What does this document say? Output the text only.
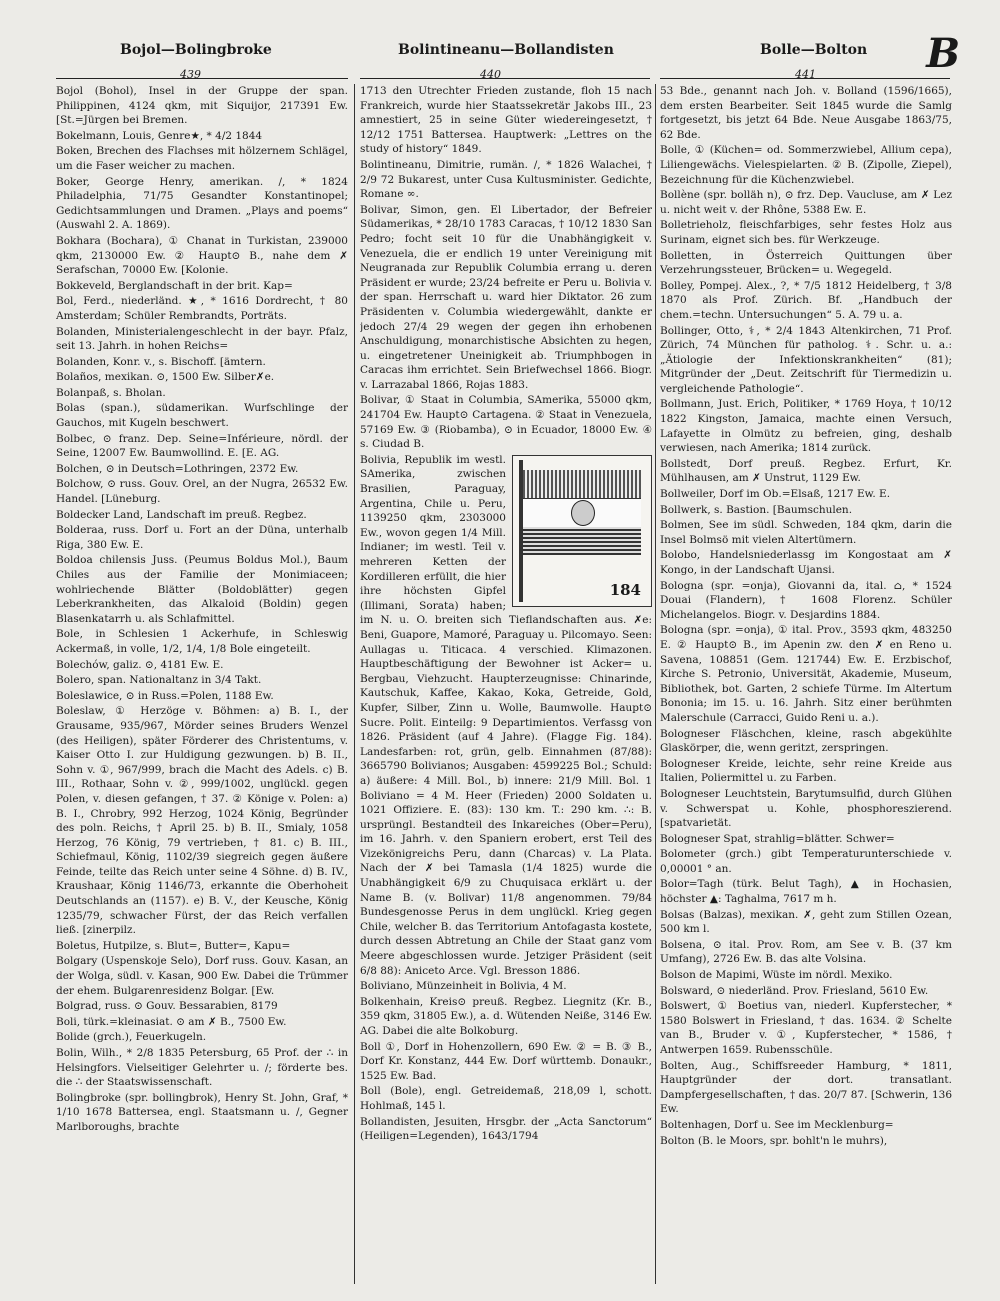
Bojol—Bolingbroke	Bolintineanu—Bollandisten	Bolle—Bolton B
439	440	441

Bojol (Bohol), Insel in der Gruppe der span. Philippinen, 4124 qkm, mit Siquijor, 217391 Ew. [St.=Jürgen bei Bremen.

Bokelmann, Louis, Genre★, * 4/2 1844

Boken, Brechen des Flachses mit hölzernem Schlägel, um die Faser weicher zu machen.

Boker, George Henry, amerikan. /, * 1824 Philadelphia, 71/75 Gesandter Konstantinopel; Gedichtsammlungen und Dramen. „Plays and poems“ (Auswahl 2. A. 1869).

Bokhara (Bochara), ① Chanat in Turkistan, 239000 qkm, 2130000 Ew. ② Haupt⊙ B., nahe dem ✗ Serafschan, 70000 Ew. [Kolonie.

Bokkeveld, Berglandschaft in der brit. Kap=

Bol, Ferd., niederländ. ★, * 1616 Dordrecht, † 80 Amsterdam; Schüler Rembrandts, Porträts.

Bolanden, Ministerialengeschlecht in der bayr. Pfalz, seit 13. Jahrh. in hohen Reichs=

Bolanden, Konr. v., s. Bischoff. [ämtern.

Bolaños, mexikan. ⊙, 1500 Ew. Silber✗e.

Bolanpaß, s. Bholan.

Bolas (span.), südamerikan. Wurfschlinge der Gauchos, mit Kugeln beschwert.

Bolbec, ⊙ franz. Dep. Seine=Inférieure, nördl. der Seine, 12007 Ew. Baumwollind. E. [E. AG.

Bolchen, ⊙ in Deutsch=Lothringen, 2372 Ew.

Bolchow, ⊙ russ. Gouv. Orel, an der Nugra, 26532 Ew. Handel. [Lüneburg.

Boldecker Land, Landschaft im preuß. Regbez.

Bolderaa, russ. Dorf u. Fort an der Düna, unterhalb Riga, 380 Ew. E.

Boldoa chilensis Juss. (Peumus Boldus Mol.), Baum Chiles aus der Familie der Monimiaceen; wohlriechende Blätter (Boldoblätter) gegen Leberkrankheiten, das Alkaloid (Boldin) gegen Blasenkatarrh u. als Schlafmittel.

Bole, in Schlesien 1 Ackerhufe, in Schleswig Ackermaß, in volle, 1/2, 1/4, 1/8 Bole eingeteilt.

Bolechów, galiz. ⊙, 4181 Ew. E.

Bolero, span. Nationaltanz in 3/4 Takt.

Boleslawice, ⊙ in Russ.=Polen, 1188 Ew.

Boleslaw, ① Herzöge v. Böhmen: a) B. I., der Grausame, 935/967, Mörder seines Bruders Wenzel (des Heiligen), später Förderer des Christentums, v. Kaiser Otto I. zur Huldigung gezwungen. b) B. II., Sohn v. ①, 967/999, brach die Macht des Adels. c) B. III., Rothaar, Sohn v. ②, 999/1002, unglückl. gegen Polen, v. diesen gefangen, † 37. ② Könige v. Polen: a) B. I., Chrobry, 992 Herzog, 1024 König, Begründer des poln. Reichs, † April 25. b) B. II., Smialy, 1058 Herzog, 76 König, 79 vertrieben, † 81. c) B. III., Schiefmaul, König, 1102/39 siegreich gegen äußere Feinde, teilte das Reich unter seine 4 Söhne. d) B. IV., Kraushaar, König 1146/73, erkannte die Oberhoheit Deutschlands an (1157). e) B. V., der Keusche, König 1235/79, schwacher Fürst, der das Reich verfallen ließ. [zinerpilz.

Boletus, Hutpilze, s. Blut=, Butter=, Kapu=

Bolgary (Uspenskoje Selo), Dorf russ. Gouv. Kasan, an der Wolga, südl. v. Kasan, 900 Ew. Dabei die Trümmer der ehem. Bulgarenresidenz Bolgar. [Ew.

Bolgrad, russ. ⊙ Gouv. Bessarabien, 8179

Boli, türk.=kleinasiat. ⊙ am ✗ B., 7500 Ew.

Bolide (grch.), Feuerkugeln.

Bolin, Wilh., * 2/8 1835 Petersburg, 65 Prof. der ∴ in Helsingfors. Vielseitiger Gelehrter u. /; förderte bes. die ∴ der Staatswissenschaft.

Bolingbroke (spr. bollingbrok), Henry St. John, Graf, * 1/10 1678 Battersea, engl. Staatsmann u. /, Gegner Marlboroughs, brachte

1713 den Utrechter Frieden zustande, floh 15 nach Frankreich, wurde hier Staatssekretär Jakobs III., 23 amnestiert, 25 in seine Güter wiedereingesetzt, † 12/12 1751 Battersea. Hauptwerk: „Lettres on the study of history“ 1849.

Bolintineanu, Dimitrie, rumän. /, * 1826 Walachei, † 2/9 72 Bukarest, unter Cusa Kultusminister. Gedichte, Romane ∞.

Bolivar, Simon, gen. El Libertador, der Befreier Südamerikas, * 28/10 1783 Caracas, † 10/12 1830 San Pedro; focht seit 10 für die Unabhängigkeit v. Venezuela, die er endlich 19 unter Vereinigung mit Neugranada zur Republik Columbia errang u. deren Präsident er wurde; 23/24 befreite er Peru u. Bolivia v. der span. Herrschaft u. ward hier Diktator. 26 zum Präsidenten v. Columbia wiedergewählt, dankte er jedoch 27/4 29 wegen der gegen ihn erhobenen Anschuldigung, monarchistische Absichten zu hegen, u. eingetretener Uneinigkeit ab. Triumphbogen in Caracas ihm errichtet. Sein Briefwechsel 1866. Biogr. v. Larrazabal 1866, Rojas 1883.

Bolivar, ① Staat in Columbia, SAmerika, 55000 qkm, 241704 Ew. Haupt⊙ Cartagena. ② Staat in Venezuela, 57169 Ew. ③ (Riobamba), ⊙ in Ecuador, 18000 Ew. ④ s. Ciudad B.

184

Bolivia, Republik im westl. SAmerika, zwischen Brasilien, Paraguay, Argentina, Chile u. Peru, 1139250 qkm, 2303000 Ew., wovon gegen 1/4 Mill. Indianer; im westl. Teil v. mehreren Ketten der Kordilleren erfüllt, die hier ihre höchsten Gipfel (Illimani, Sorata) haben; im N. u. O. breiten sich Tieflandschaften aus. ✗e: Beni, Guapore, Mamoré, Paraguay u. Pilcomayo. Seen: Aullagas u. Titicaca. 4 verschied. Klimazonen. Hauptbeschäftigung der Bewohner ist Acker= u. Bergbau, Viehzucht. Haupterzeugnisse: Chinarinde, Kautschuk, Kaffee, Kakao, Koka, Getreide, Gold, Kupfer, Silber, Zinn u. Wolle, Baumwolle. Haupt⊙ Sucre. Polit. Einteilg: 9 Departimientos. Verfassg von 1826. Präsident (auf 4 Jahre). (Flagge Fig. 184). Landesfarben: rot, grün, gelb. Einnahmen (87/88): 3665790 Bolivianos; Ausgaben: 4599225 Bol.; Schuld: a) äußere: 4 Mill. Bol., b) innere: 21/9 Mill. Bol. 1 Boliviano = 4 M. Heer (Frieden) 2000 Soldaten u. 1021 Offiziere. E. (83): 130 km. T.: 290 km. ∴: B. ursprüngl. Bestandteil des Inkareiches (Ober=Peru), im 16. Jahrh. v. den Spaniern erobert, erst Teil des Vizekönigreichs Peru, dann (Charcas) v. La Plata. Nach der ✗ bei Tamasla (1/4 1825) wurde die Unabhängigkeit 6/9 zu Chuquisaca erklärt u. der Name B. (v. Bolivar) 11/8 angenommen. 79/84 Bundesgenosse Perus in dem unglückl. Krieg gegen Chile, welcher B. das Territorium Antofagasta kostete, durch dessen Abtretung an Chile der Staat ganz vom Meere abgeschlossen wurde. Jetziger Präsident (seit 6/8 88): Aniceto Arce. Vgl. Bresson 1886.

Boliviano, Münzeinheit in Bolivia, 4 M.

Bolkenhain, Kreis⊙ preuß. Regbez. Liegnitz (Kr. B., 359 qkm, 31805 Ew.), a. d. Wütenden Neiße, 3146 Ew. AG. Dabei die alte Bolkoburg.

Boll ①, Dorf in Hohenzollern, 690 Ew. ② = B. ③ B., Dorf Kr. Konstanz, 444 Ew. Dorf württemb. Donaukr., 1525 Ew. Bad.

Boll (Bole), engl. Getreidemaß, 218,09 l, schott. Hohlmaß, 145 l.

Bollandisten, Jesuiten, Hrsgbr. der „Acta Sanctorum“ (Heiligen=Legenden), 1643/1794

53 Bde., genannt nach Joh. v. Bolland (1596/1665), dem ersten Bearbeiter. Seit 1845 wurde die Samlg fortgesetzt, bis jetzt 64 Bde. Neue Ausgabe 1863/75, 62 Bde.

Bolle, ① (Küchen= od. Sommerzwiebel, Allium cepa), Liliengewächs. Vielespielarten. ② B. (Zipolle, Ziepel), Bezeichnung für die Küchenzwiebel.

Bollène (spr. bolläh n), ⊙ frz. Dep. Vaucluse, am ✗ Lez u. nicht weit v. der Rhône, 5388 Ew. E.

Bolletrieholz, fleischfarbiges, sehr festes Holz aus Surinam, eignet sich bes. für Werkzeuge.

Bolletten, in Österreich Quittungen über Verzehrungssteuer, Brücken= u. Wegegeld.

Bolley, Pompej. Alex., ?, * 7/5 1812 Heidelberg, † 3/8 1870 als Prof. Zürich. Bf. „Handbuch der chem.=techn. Untersuchungen“ 5. A. 79 u. a.

Bollinger, Otto, ⚕, * 2/4 1843 Altenkirchen, 71 Prof. Zürich, 74 München für patholog. ⚕. Schr. u. a.: „Ätiologie der Infektionskrankheiten“ (81); Mitgründer der „Deut. Zeitschrift für Tiermedizin u. vergleichende Pathologie“.

Bollmann, Just. Erich, Politiker, * 1769 Hoya, † 10/12 1822 Kingston, Jamaica, machte einen Versuch, Lafayette in Olmütz zu befreien, ging, deshalb verwiesen, nach Amerika; 1814 zurück.

Bollstedt, Dorf preuß. Regbez. Erfurt, Kr. Mühlhausen, am ✗ Unstrut, 1129 Ew.

Bollweiler, Dorf im Ob.=Elsaß, 1217 Ew. E.

Bollwerk, s. Bastion. [Baumschulen.

Bolmen, See im südl. Schweden, 184 qkm, darin die Insel Bolmsö mit vielen Altertümern.

Bolobo, Handelsniederlassg im Kongostaat am ✗ Kongo, in der Landschaft Ujansi.

Bologna (spr. =onja), Giovanni da, ital. ⌂, * 1524 Douai (Flandern), † 1608 Florenz. Schüler Michelangelos. Biogr. v. Desjardins 1884.

Bologna (spr. =onja), ① ital. Prov., 3593 qkm, 483250 E. ② Haupt⊙ B., im Apenin zw. den ✗ en Reno u. Savena, 108851 (Gem. 121744) Ew. E. Erzbischof, Kirche S. Petronio, Universität, Akademie, Museum, Bibliothek, bot. Garten, 2 schiefe Türme. Im Altertum Bononia; im 15. u. 16. Jahrh. Sitz einer berühmten Malerschule (Carracci, Guido Reni u. a.).

Bologneser Fläschchen, kleine, rasch abgekühlte Glaskörper, die, wenn geritzt, zerspringen.

Bologneser Kreide, leichte, sehr reine Kreide aus Italien, Poliermittel u. zu Farben.

Bologneser Leuchtstein, Barytumsulfid, durch Glühen v. Schwerspat u. Kohle, phosphoreszierend. [spatvarietät.

Bologneser Spat, strahlig=blätter. Schwer=

Bolometer (grch.) gibt Temperaturunterschiede v. 0,00001 ° an.

Bolor=Tagh (türk. Belut Tagh), ▲ in Hochasien, höchster ▲: Taghalma, 7617 m h.

Bolsas (Balzas), mexikan. ✗, geht zum Stillen Ozean, 500 km l.

Bolsena, ⊙ ital. Prov. Rom, am See v. B. (37 km Umfang), 2726 Ew. B. das alte Volsina.

Bolson de Mapimi, Wüste im nördl. Mexiko.

Bolsward, ⊙ niederländ. Prov. Friesland, 5610 Ew.

Bolswert, ① Boetius van, niederl. Kupferstecher, * 1580 Bolswert in Friesland, † das. 1634. ② Schelte van B., Bruder v. ①, Kupferstecher, * 1586, † Antwerpen 1659. Rubensschüle.

Bolten, Aug., Schiffsreeder Hamburg, * 1811, Hauptgründer der dort. transatlant. Dampfergesellschaften, † das. 20/7 87. [Schwerin, 136 Ew.

Boltenhagen, Dorf u. See im Mecklenburg=

Bolton (B. le Moors, spr. bohlt'n le muhrs),
